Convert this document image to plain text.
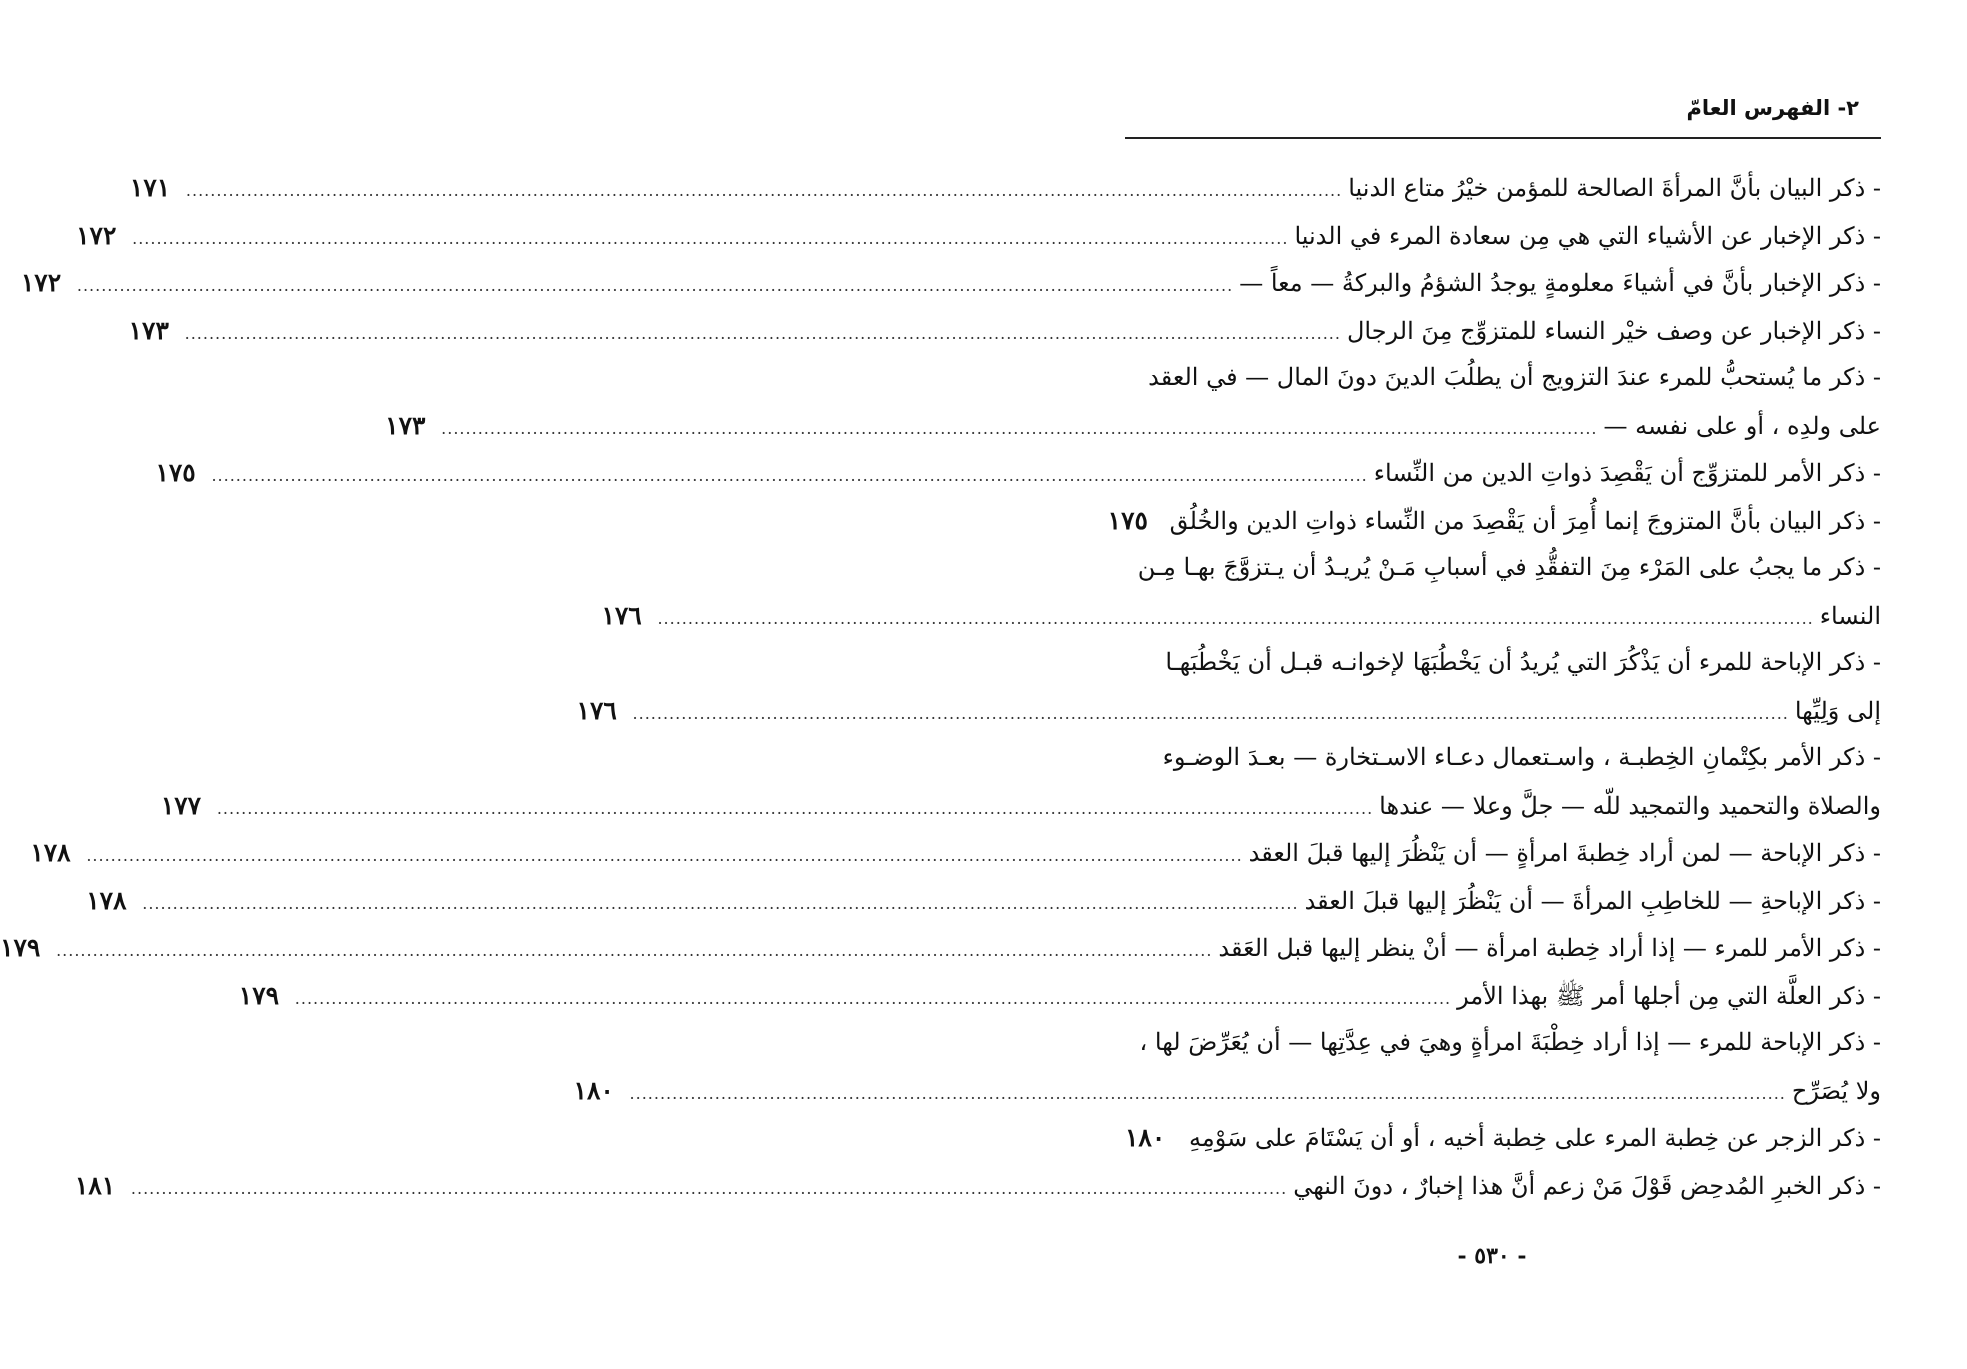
٢- الفهرس العامّ
- ذكر البيان بأنَّ المرأةَ الصالحة للمؤمن خيْرُ متاع الدنيا
.....
١٧١
- ذكر الإخبار عن الأشياء التي هي مِن سعادة المرء في الدنيا
.....
١٧٢
- ذكر الإخبار بأنَّ في أشياءَ معلومةٍ يوجدُ الشؤمُ والبركةُ — معاً —
.....
١٧٢
- ذكر الإخبار عن وصف خيْر النساء للمتزوِّج مِنَ الرجال
.....
١٧٣
- ذكر ما يُستحبُّ للمرء عندَ التزويج أن يطلُبَ الدينَ دونَ المال — في العقد
على ولدِه ، أو على نفسه —
.....
١٧٣
- ذكر الأمر للمتزوِّج أن يَقْصِدَ ذواتِ الدين من النِّساء
.....
١٧٥
- ذكر البيان بأنَّ المتزوجَ إنما أُمِرَ أن يَقْصِدَ من النِّساء ذواتِ الدين والخُلُق
١٧٥
- ذكر ما يجبُ على المَرْء مِنَ التفقُّدِ في أسبابِ مَـنْ يُريـدُ أن يـتزوَّجَ بهـا مِـن
النساء
.....
١٧٦
- ذكر الإباحة للمرء أن يَذْكُرَ التي يُريدُ أن يَخْطُبَهَا لإخوانـه قبـل أن يَخْطُبَهـا
إلى وَلِيِّها
.....
١٧٦
- ذكر الأمر بكِتْمانِ الخِطبـة ، واسـتعمال دعـاء الاسـتخارة — بعـدَ الوضـوء
والصلاة والتحميد والتمجيد للّه — جلَّ وعلا — عندها
.....
١٧٧
- ذكر الإباحة — لمن أراد خِطبةَ امرأةٍ — أن يَنْظُرَ إليها قبلَ العقد
.....
١٧٨
- ذكر الإباحةِ — للخاطِبِ المرأةَ — أن يَنْظُرَ إليها قبلَ العقد
.....
١٧٨
- ذكر الأمر للمرء — إذا أراد خِطبة امرأة — أنْ ينظر إليها قبل العَقد
.....
١٧٩
- ذكر العلَّة التي مِن أجلها أمر ﷺ بهذا الأمر
.....
١٧٩
- ذكر الإباحة للمرء — إذا أراد خِطْبَةَ امرأةٍ وهيَ في عِدَّتِها — أن يُعَرِّضَ لها ،
ولا يُصَرِّح
.....
١٨٠
- ذكر الزجر عن خِطبة المرء على خِطبة أخيه ، أو أن يَسْتَامَ على سَوْمِهِ
.....
١٨٠
- ذكر الخبرِ المُدحِض قَوْلَ مَنْ زعم أنَّ هذا إخبارٌ ، دونَ النهي
.....
١٨١
- ٥٣٠ -
